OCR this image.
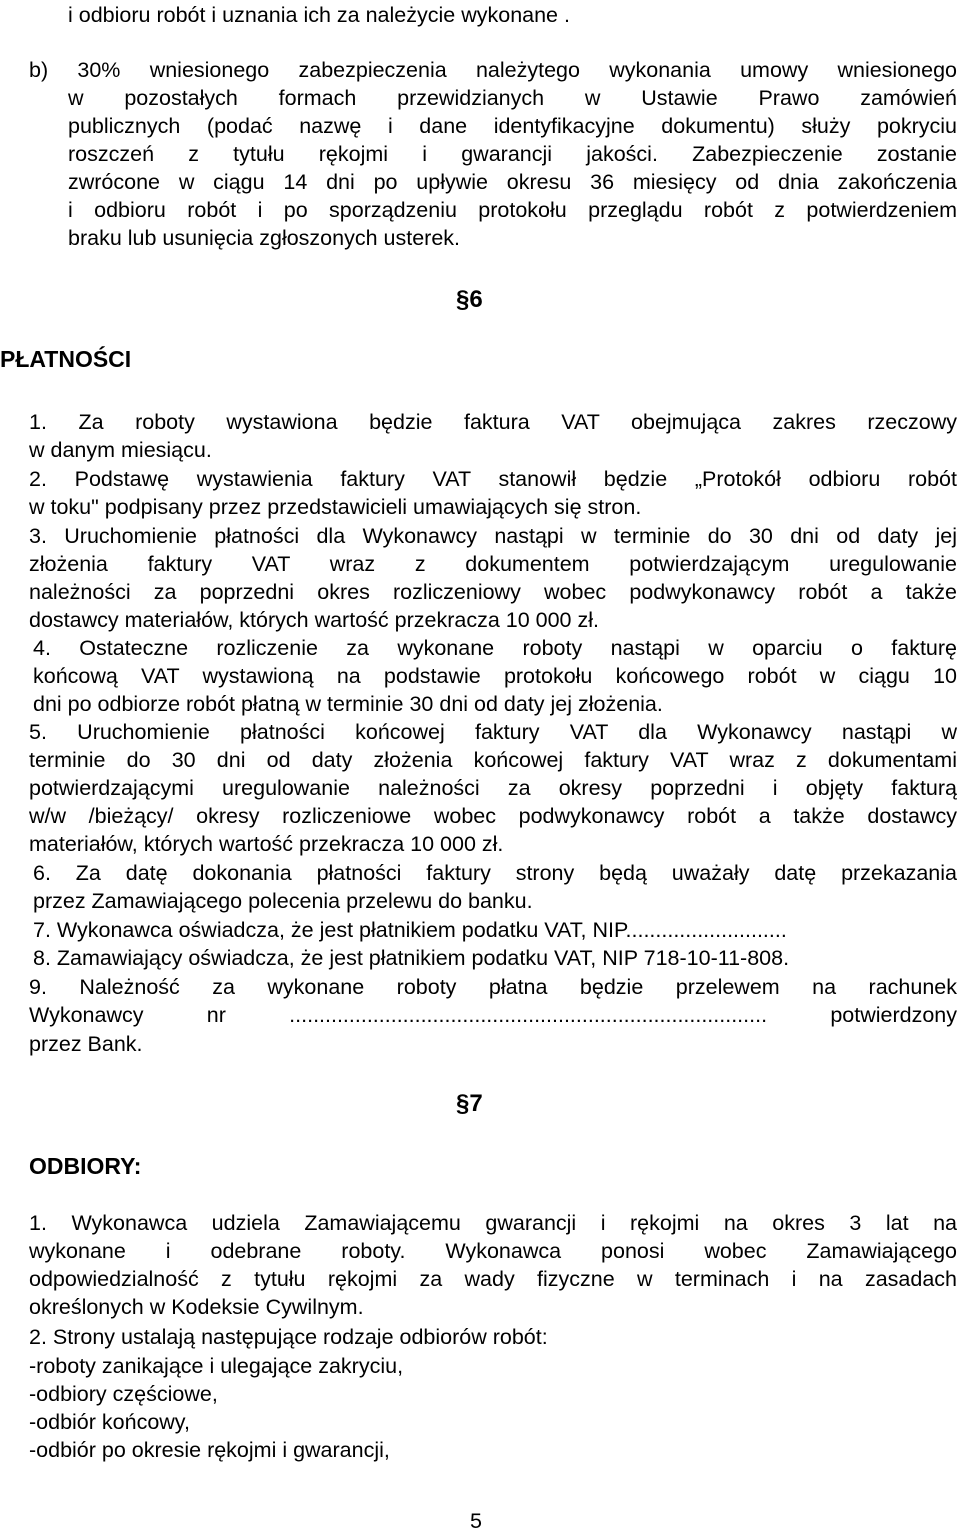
i odbioru robót i uznania ich za należycie wykonane .
b) 30% wniesionego zabezpieczenia należytego wykonania umowy wniesionego
w pozostałych formach przewidzianych w Ustawie Prawo zamówień
publicznych (podać nazwę i dane identyfikacyjne dokumentu) służy pokryciu
roszczeń z tytułu rękojmi i gwarancji jakości. Zabezpieczenie zostanie
zwrócone w ciągu 14 dni po upływie okresu 36 miesięcy od dnia zakończenia
i odbioru robót i po sporządzeniu protokołu przeglądu robót z potwierdzeniem
braku lub usunięcia zgłoszonych usterek.
§6
PŁATNOŚCI
1. Za roboty wystawiona będzie faktura VAT obejmująca zakres rzeczowy
w danym miesiącu.
2. Podstawę wystawienia faktury VAT stanowił będzie „Protokół odbioru robót
w toku" podpisany przez przedstawicieli umawiających się stron.
3. Uruchomienie płatności dla Wykonawcy nastąpi w terminie do 30 dni od daty jej
złożenia faktury VAT wraz z dokumentem potwierdzającym uregulowanie
należności za poprzedni okres rozliczeniowy wobec podwykonawcy robót a także
dostawcy materiałów, których wartość przekracza 10 000 zł.
4. Ostateczne rozliczenie za wykonane roboty nastąpi w oparciu o fakturę
końcową VAT wystawioną na podstawie protokołu końcowego robót w ciągu 10
dni po odbiorze robót płatną w terminie 30 dni od daty jej złożenia.
5. Uruchomienie płatności końcowej faktury VAT dla Wykonawcy nastąpi w
terminie do 30 dni od daty złożenia końcowej faktury VAT wraz z dokumentami
potwierdzającymi uregulowanie należności za okresy poprzedni i objęty fakturą
w/w /bieżący/ okresy rozliczeniowe wobec podwykonawcy robót a także dostawcy
materiałów, których wartość przekracza 10 000 zł.
6. Za datę dokonania płatności faktury strony będą uważały datę przekazania
przez Zamawiającego polecenia przelewu do banku.
7. Wykonawca oświadcza, że jest płatnikiem podatku VAT, NIP...........................
8. Zamawiający oświadcza, że jest płatnikiem podatku VAT, NIP 718-10-11-808.
9. Należność za wykonane roboty płatna będzie przelewem na rachunek
Wykonawcy nr ................................................................................ potwierdzony
przez Bank.
§7
ODBIORY:
1. Wykonawca udziela Zamawiającemu gwarancji i rękojmi na okres 3 lat na
wykonane i odebrane roboty. Wykonawca ponosi wobec Zamawiającego
odpowiedzialność z tytułu rękojmi za wady fizyczne w terminach i na zasadach
określonych w Kodeksie Cywilnym.
2. Strony ustalają następujące rodzaje odbiorów robót:
-roboty zanikające i ulegające zakryciu,
-odbiory częściowe,
-odbiór końcowy,
-odbiór po okresie rękojmi i gwarancji,
5
